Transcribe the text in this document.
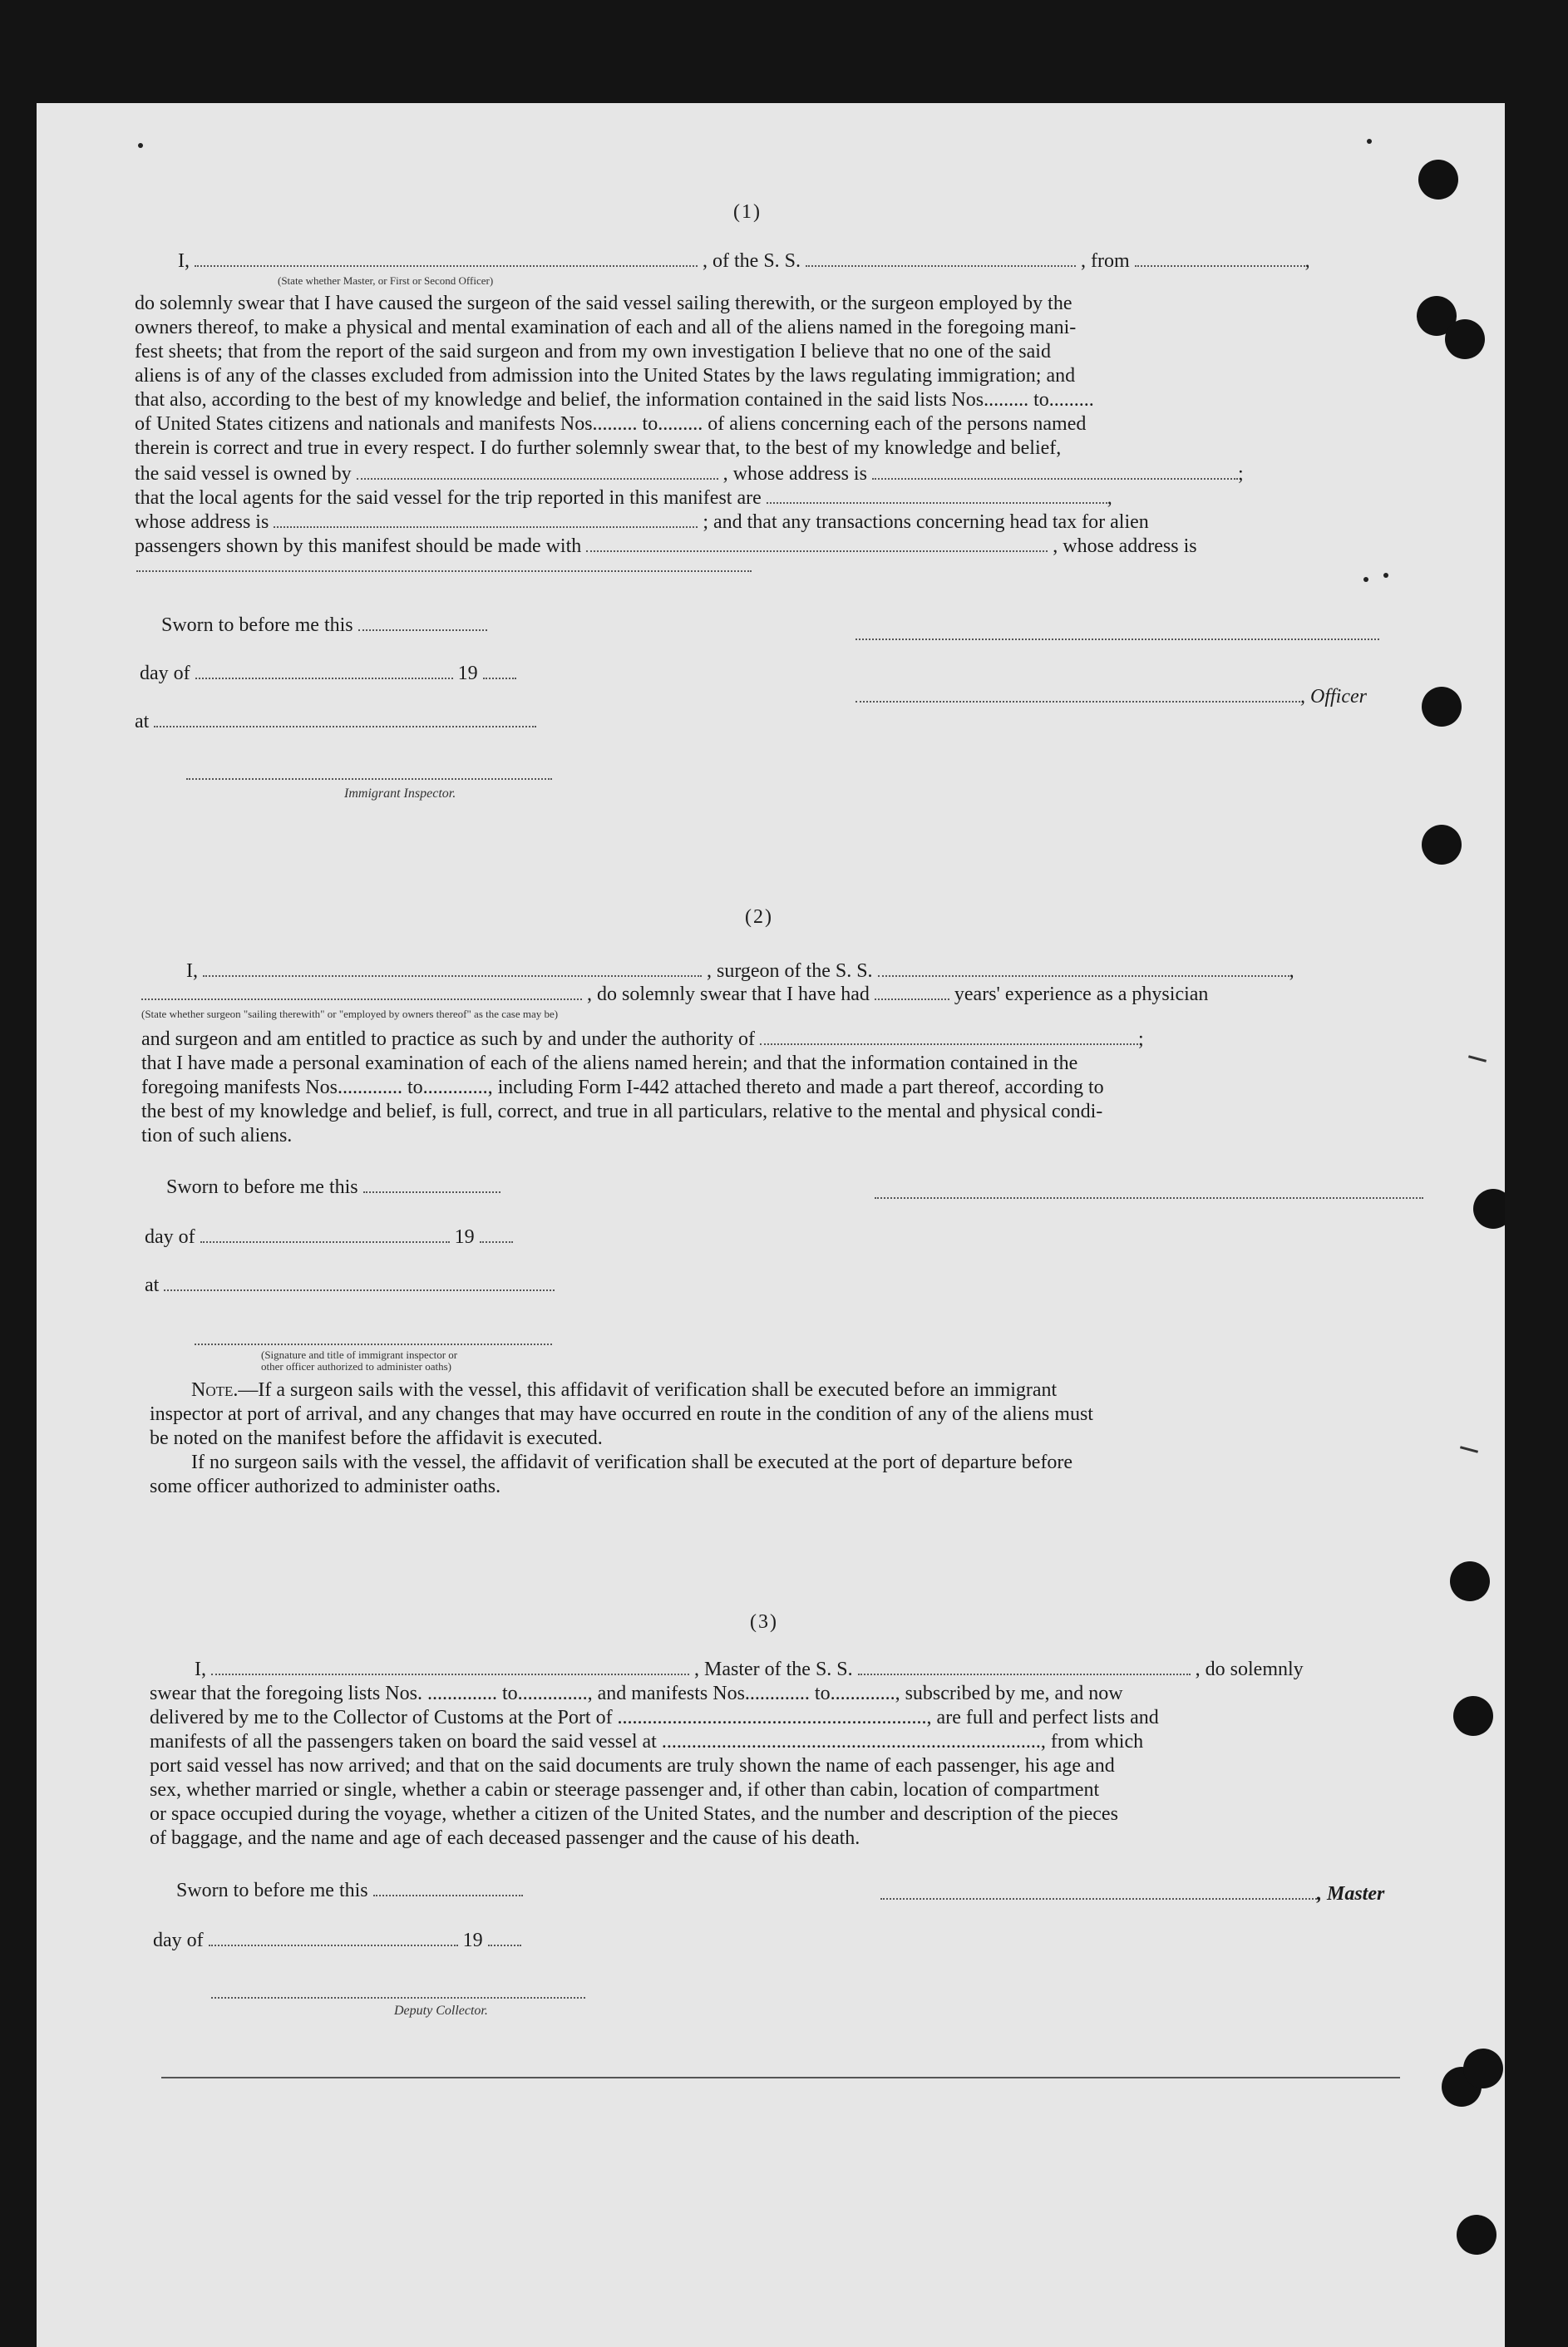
(1)
I,	, of the S. S.	, from	,
(State whether Master, or First or Second Officer)

do solemnly swear that I have caused the surgeon of the said vessel sailing therewith, or the surgeon employed by the

owners thereof, to make a physical and mental examination of each and all of the aliens named in the foregoing mani-

fest sheets; that from the report of the said surgeon and from my own investigation I believe that no one of the said

aliens is of any of the classes excluded from admission into the United States by the laws regulating immigration; and

that also, according to the best of my knowledge and belief, the information contained in the said lists Nos......... to.........

of United States citizens and nationals and manifests Nos......... to......... of aliens concerning each of the persons named

therein is correct and true in every respect. I do further solemnly swear that, to the best of my knowledge and belief,

the said vessel is owned by	, whose address is	;
that the local agents for the said vessel for the trip reported in this manifest are	,
whose address is	; and that any transactions concerning head tax for alien
passengers shown by this manifest should be made with	, whose address is
Sworn to before me this
day of	19
, Officer
at
Immigrant Inspector.
(2)
I,	, surgeon of the S. S.	,
, do solemnly swear that I have had	years' experience as a physician
(State whether surgeon "sailing therewith" or "employed by owners thereof" as the case may be)
and surgeon and am entitled to practice as such by and under the authority of	;

that I have made a personal examination of each of the aliens named herein; and that the information contained in the

foregoing manifests Nos............. to............., including Form I-442 attached thereto and made a part thereof, according to

the best of my knowledge and belief, is full, correct, and true in all particulars, relative to the mental and physical condi-

tion of such aliens.

Sworn to before me this
day of	19
at
(Signature and title of immigrant inspector or
other officer authorized to administer oaths)

Note.—If a surgeon sails with the vessel, this affidavit of verification shall be executed before an immigrant

inspector at port of arrival, and any changes that may have occurred en route in the condition of any of the aliens must

be noted on the manifest before the affidavit is executed.

If no surgeon sails with the vessel, the affidavit of verification shall be executed at the port of departure before

some officer authorized to administer oaths.

(3)
I,	, Master of the S. S.	, do solemnly

swear that the foregoing lists Nos. .............. to.............., and manifests Nos............. to............., subscribed by me, and now

delivered by me to the Collector of Customs at the Port of .............................................................., are full and perfect lists and

manifests of all the passengers taken on board the said vessel at ............................................................................, from which

port said vessel has now arrived; and that on the said documents are truly shown the name of each passenger, his age and

sex, whether married or single, whether a cabin or steerage passenger and, if other than cabin, location of compartment

or space occupied during the voyage, whether a citizen of the United States, and the number and description of the pieces

of baggage, and the name and age of each deceased passenger and the cause of his death.

Sworn to before me this	, Master
day of	19
Deputy Collector.
